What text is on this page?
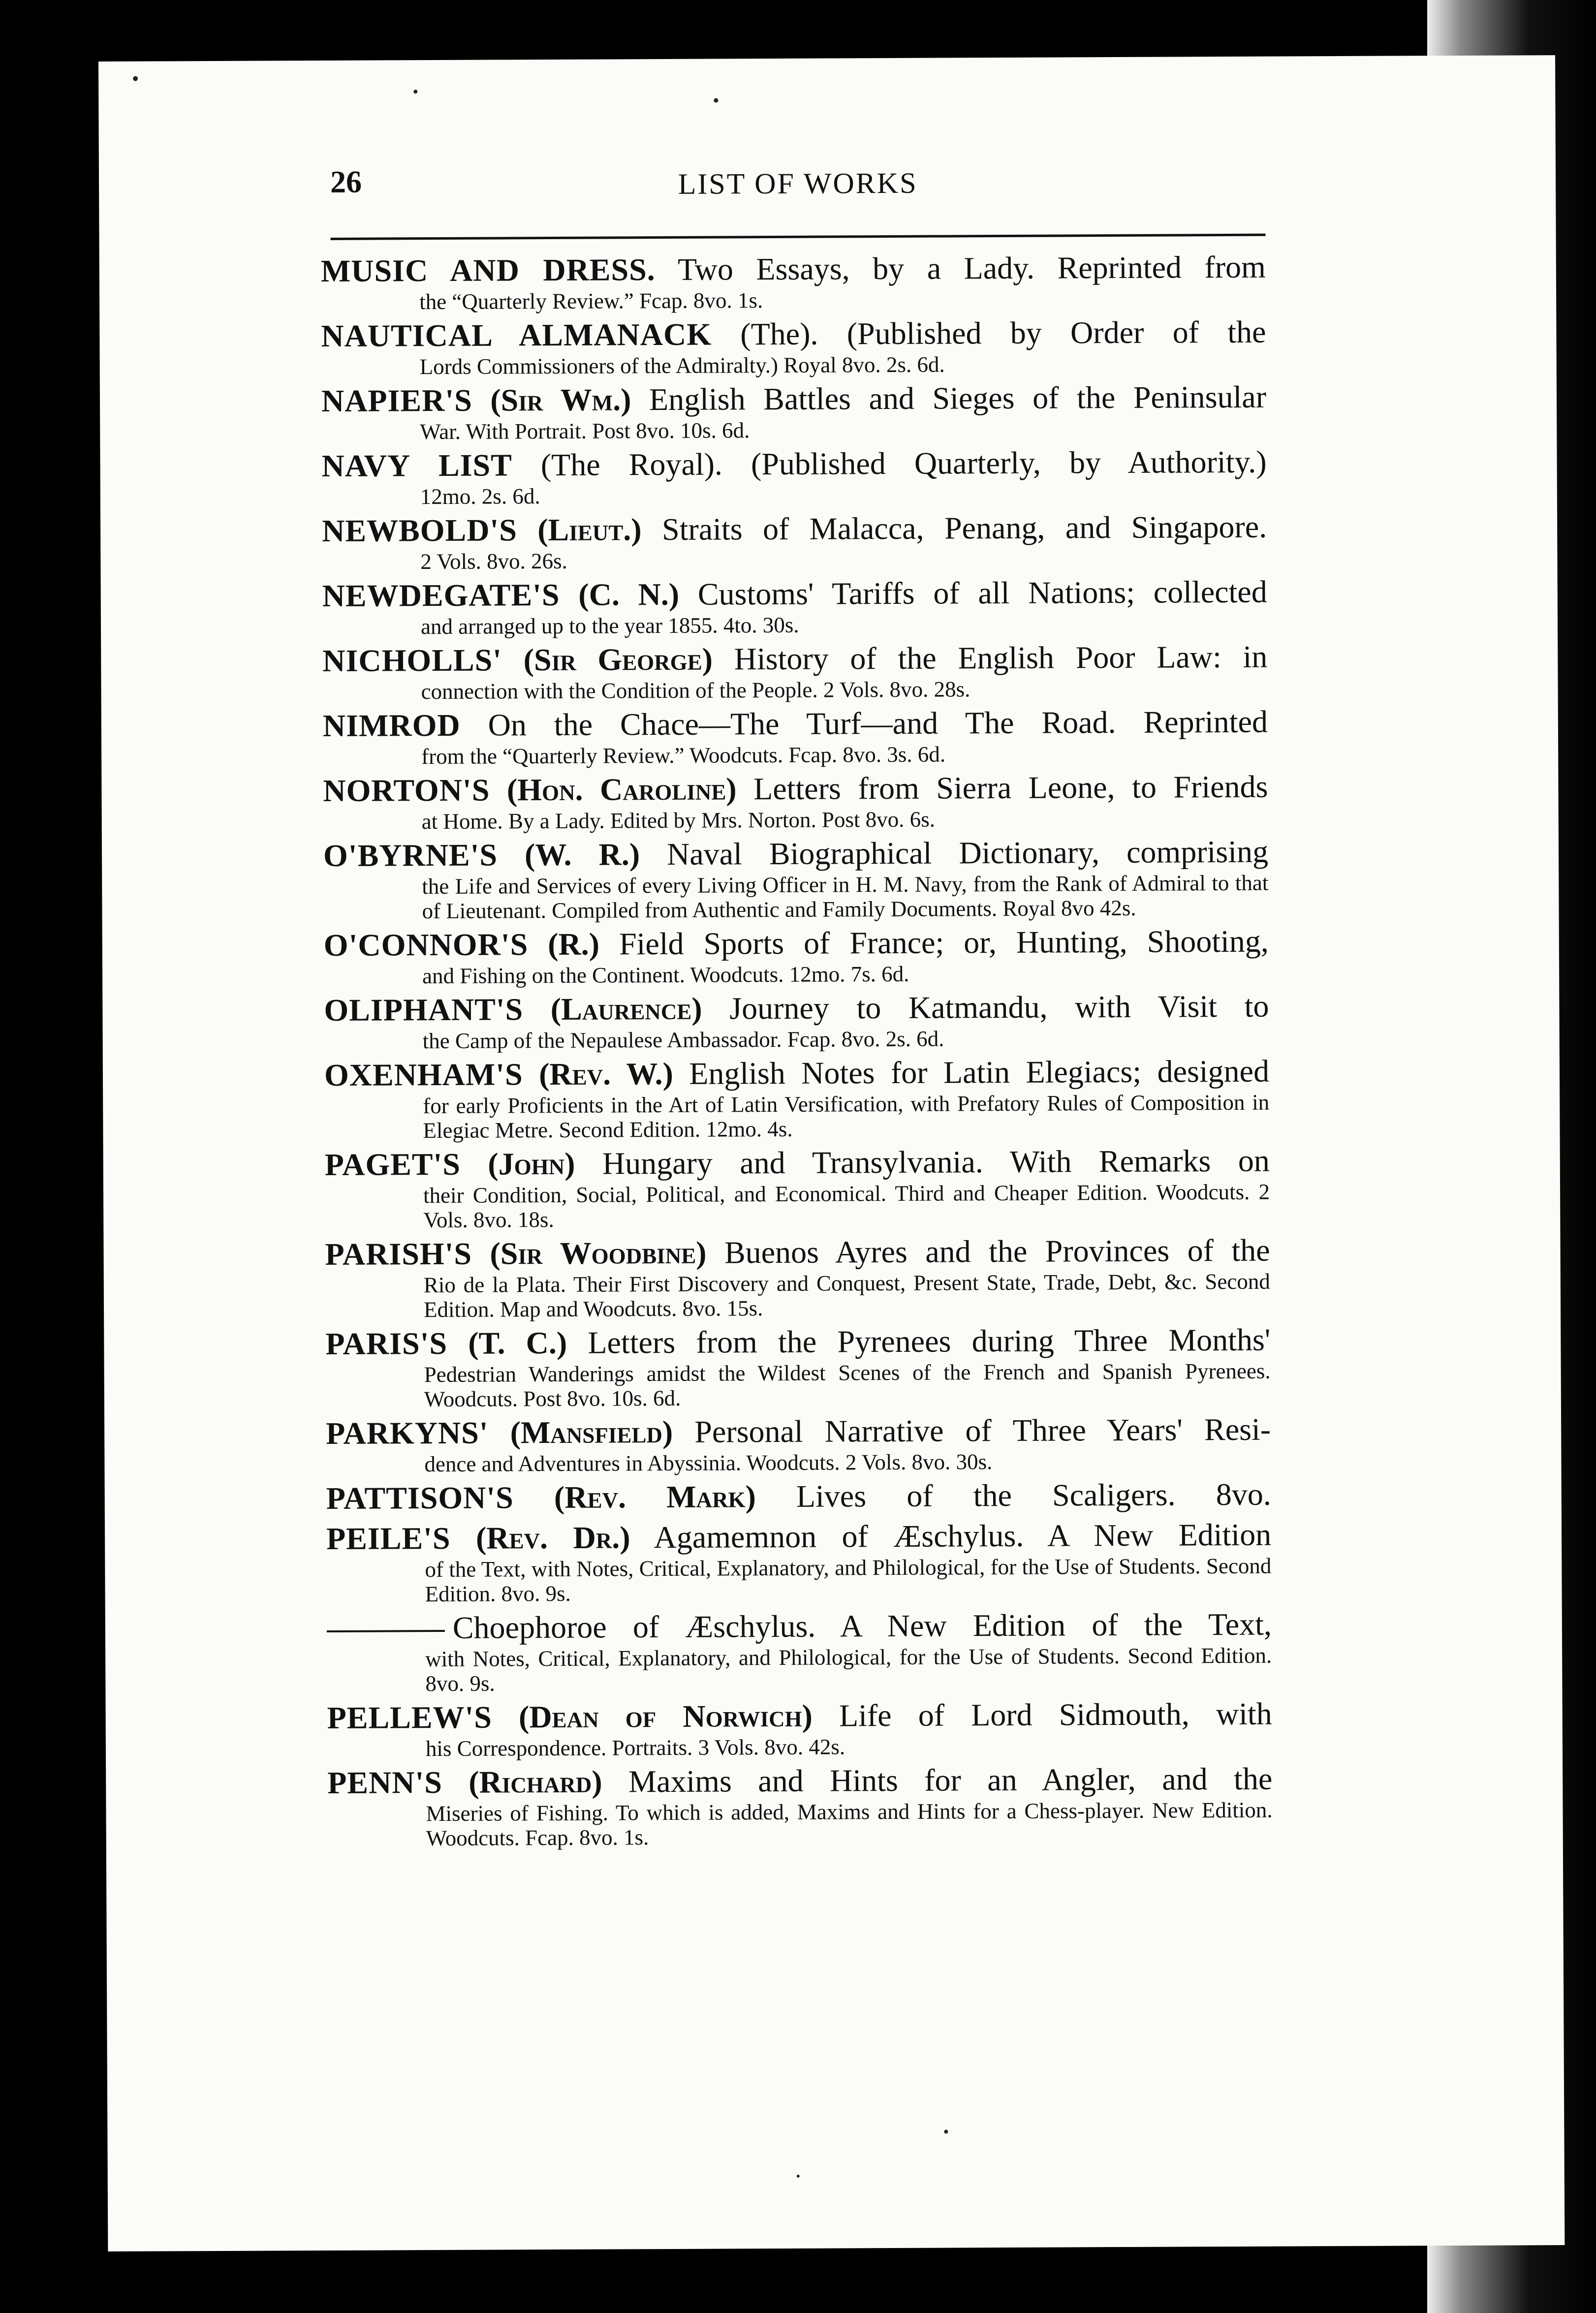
26	LIST OF WORKS
MUSIC AND DRESS. Two Essays, by a Lady. Reprinted from
the “Quarterly Review.” Fcap. 8vo. 1s.
NAUTICAL ALMANACK (The). (Published by Order of the
Lords Commissioners of the Admiralty.) Royal 8vo. 2s. 6d.
NAPIER'S (Sir Wm.) English Battles and Sieges of the Peninsular
War. With Portrait. Post 8vo. 10s. 6d.
NAVY LIST (The Royal). (Published Quarterly, by Authority.)
12mo. 2s. 6d.
NEWBOLD'S (Lieut.) Straits of Malacca, Penang, and Singapore.
2 Vols. 8vo. 26s.
NEWDEGATE'S (C. N.) Customs' Tariffs of all Nations; collected
and arranged up to the year 1855. 4to. 30s.
NICHOLLS' (Sir George) History of the English Poor Law: in
connection with the Condition of the People. 2 Vols. 8vo. 28s.
NIMROD On the Chace—The Turf—and The Road. Reprinted
from the “Quarterly Review.” Woodcuts. Fcap. 8vo. 3s. 6d.
NORTON'S (Hon. Caroline) Letters from Sierra Leone, to Friends
at Home. By a Lady. Edited by Mrs. Norton. Post 8vo. 6s.
O'BYRNE'S (W. R.) Naval Biographical Dictionary, comprising
the Life and Services of every Living Officer in H. M. Navy, from the Rank of Admiral to that of Lieutenant. Compiled from Authentic and Family Documents. Royal 8vo 42s.
O'CONNOR'S (R.) Field Sports of France; or, Hunting, Shooting,
and Fishing on the Continent. Woodcuts. 12mo. 7s. 6d.
OLIPHANT'S (Laurence) Journey to Katmandu, with Visit to
the Camp of the Nepaulese Ambassador. Fcap. 8vo. 2s. 6d.
OXENHAM'S (Rev. W.) English Notes for Latin Elegiacs; designed
for early Proficients in the Art of Latin Versification, with Prefatory Rules of Composition in Elegiac Metre. Second Edition. 12mo. 4s.
PAGET'S (John) Hungary and Transylvania. With Remarks on
their Condition, Social, Political, and Economical. Third and Cheaper Edition. Woodcuts. 2 Vols. 8vo. 18s.
PARISH'S (Sir Woodbine) Buenos Ayres and the Provinces of the
Rio de la Plata. Their First Discovery and Conquest, Present State, Trade, Debt, &c. Second Edition. Map and Woodcuts. 8vo. 15s.
PARIS'S (T. C.) Letters from the Pyrenees during Three Months'
Pedestrian Wanderings amidst the Wildest Scenes of the French and Spanish Pyrenees. Woodcuts. Post 8vo. 10s. 6d.
PARKYNS' (Mansfield) Personal Narrative of Three Years' Resi-
dence and Adventures in Abyssinia. Woodcuts. 2 Vols. 8vo. 30s.
PATTISON'S (Rev. Mark) Lives of the Scaligers. 8vo.
PEILE'S (Rev. Dr.) Agamemnon of Æschylus. A New Edition
of the Text, with Notes, Critical, Explanatory, and Philological, for the Use of Students. Second Edition. 8vo. 9s.
Choephoroe of Æschylus. A New Edition of the Text,
with Notes, Critical, Explanatory, and Philological, for the Use of Students. Second Edition. 8vo. 9s.
PELLEW'S (Dean of Norwich) Life of Lord Sidmouth, with
his Correspondence. Portraits. 3 Vols. 8vo. 42s.
PENN'S (Richard) Maxims and Hints for an Angler, and the
Miseries of Fishing. To which is added, Maxims and Hints for a Chess-player. New Edition. Woodcuts. Fcap. 8vo. 1s.
